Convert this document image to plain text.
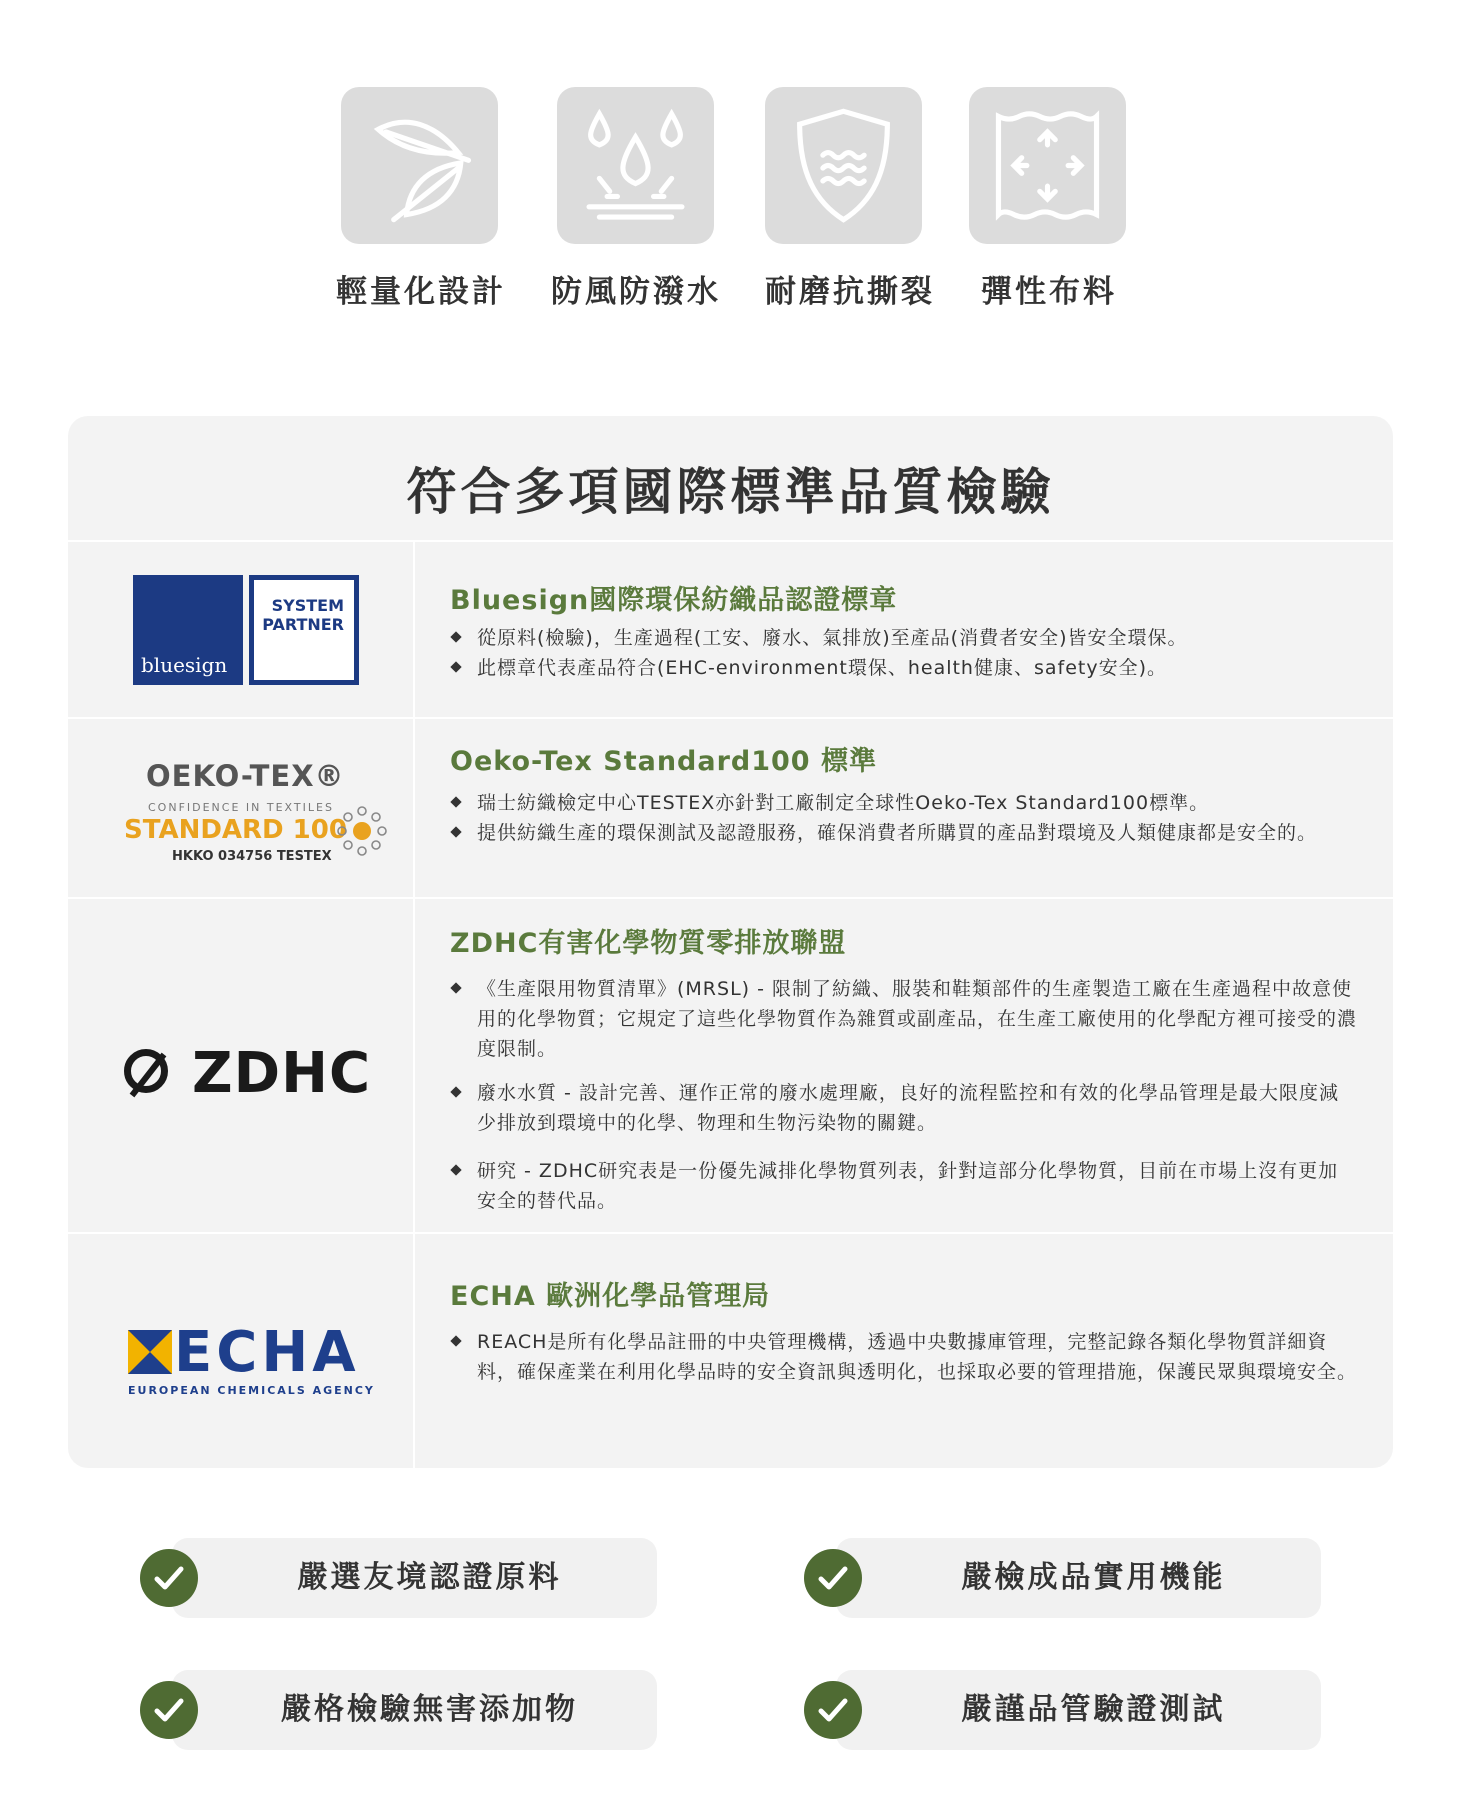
輕量化設計 防風防潑水 耐磨抗撕裂 彈性布料
符合多項國際標準品質檢驗
bluesign
SYSTEM
PARTNER
Bluesign國際環保紡織品認證標章
從原料(檢驗)，生產過程(工安、廢水、氣排放)至產品(消費者安全)皆安全環保。
此標章代表產品符合(EHC-environment環保、health健康、safety安全)。
OEKO-TEX®
CONFIDENCE IN TEXTILES
STANDARD 100
HKKO 034756 TESTEX
Oeko-Tex Standard100 標準
瑞士紡織檢定中心TESTEX亦針對工廠制定全球性Oeko-Tex Standard100標準。
提供紡織生產的環保測試及認證服務，確保消費者所購買的產品對環境及人類健康都是安全的。
ZDHC
ZDHC有害化學物質零排放聯盟
《生產限用物質清單》(MRSL) - 限制了紡織、服裝和鞋類部件的生產製造工廠在生產過程中故意使用的化學物質；它規定了這些化學物質作為雜質或副產品，在生產工廠使用的化學配方裡可接受的濃度限制。
廢水水質 - 設計完善、運作正常的廢水處理廠，良好的流程監控和有效的化學品管理是最大限度減少排放到環境中的化學、物理和生物污染物的關鍵。
研究 - ZDHC研究表是一份優先減排化學物質列表，針對這部分化學物質，目前在市場上沒有更加安全的替代品。
ECHA
EUROPEAN CHEMICALS AGENCY
ECHA 歐洲化學品管理局
REACH是所有化學品註冊的中央管理機構，透過中央數據庫管理，完整記錄各類化學物質詳細資料，確保產業在利用化學品時的安全資訊與透明化，也採取必要的管理措施，保護民眾與環境安全。
嚴選友境認證原料	嚴檢成品實用機能
嚴格檢驗無害添加物	嚴謹品管驗證測試
